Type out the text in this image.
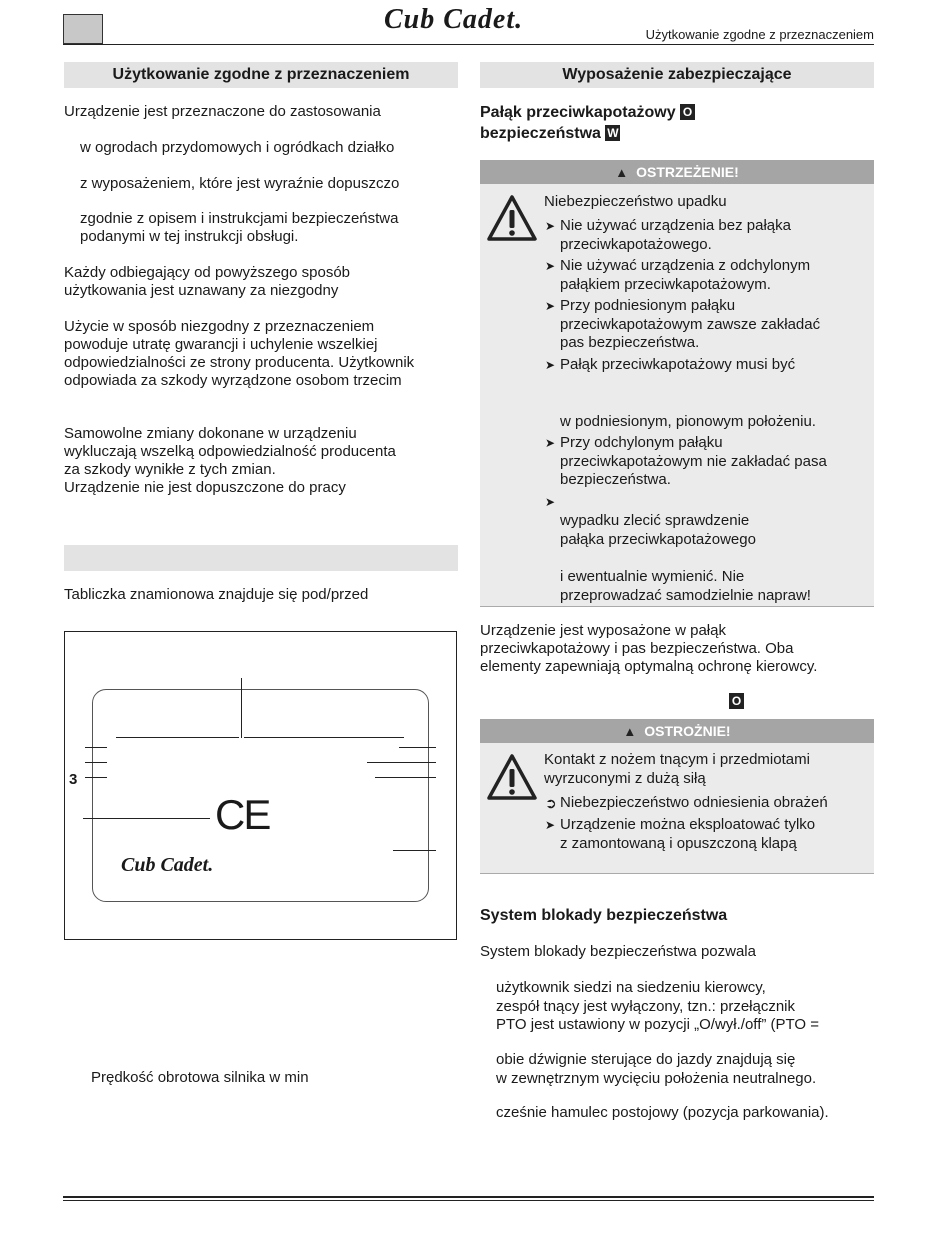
Cub Cadet.	Użytkowanie zgodne z przeznaczeniem
Użytkowanie zgodne z przeznaczeniem
Urządzenie jest przeznaczone do zastosowania
w ogrodach przydomowych i ogródkach działko
z wyposażeniem, które jest wyraźnie dopuszczo
zgodnie z opisem i instrukcjami bezpieczeństwa
podanymi w tej instrukcji obsługi.
Każdy odbiegający od powyższego sposób
użytkowania jest uznawany za niezgodny
Użycie w sposób niezgodny z przeznaczeniem
powoduje utratę gwarancji i uchylenie wszelkiej
odpowiedzialności ze strony producenta. Użytkownik
odpowiada za szkody wyrządzone osobom trzecim
Samowolne zmiany dokonane w urządzeniu
wykluczają wszelką odpowiedzialność producenta
za szkody wynikłe z tych zmian.
Urządzenie nie jest dopuszczone do pracy
Tabliczka znamionowa znajduje się pod/przed
3
CE
Cub Cadet.
Prędkość obrotowa silnika w min
Wyposażenie zabezpieczające
Pałąk przeciwkapotażowy O
bezpieczeństwa W
▲ OSTRZEŻENIE!
Niebezpieczeństwo upadku
➤ Nie używać urządzenia bez pałąka
przeciwkapotażowego.
➤ Nie używać urządzenia z odchylonym
pałąkiem przeciwkapotażowym.
➤ Przy podniesionym pałąku
przeciwkapotażowym zawsze zakładać
pas bezpieczeństwa.
➤ Pałąk przeciwkapotażowy musi być
w podniesionym, pionowym położeniu.
➤ Przy odchylonym pałąku
przeciwkapotażowym nie zakładać pasa
bezpieczeństwa.
➤
wypadku zlecić sprawdzenie
pałąka przeciwkapotażowego
i ewentualnie wymienić. Nie
przeprowadzać samodzielnie napraw!
Urządzenie jest wyposażone w pałąk
przeciwkapotażowy i pas bezpieczeństwa. Oba
elementy zapewniają optymalną ochronę kierowcy.
O
▲ OSTROŻNIE!
Kontakt z nożem tnącym i przedmiotami
wyrzuconymi z dużą siłą
➲ Niebezpieczeństwo odniesienia obrażeń
➤ Urządzenie można eksploatować tylko
z zamontowaną i opuszczoną klapą
System blokady bezpieczeństwa
System blokady bezpieczeństwa pozwala
użytkownik siedzi na siedzeniu kierowcy,
zespół tnący jest wyłączony, tzn.: przełącznik
PTO jest ustawiony w pozycji „O/wył./off” (PTO =
obie dźwignie sterujące do jazdy znajdują się
w zewnętrznym wycięciu położenia neutralnego.
cześnie hamulec postojowy (pozycja parkowania).
